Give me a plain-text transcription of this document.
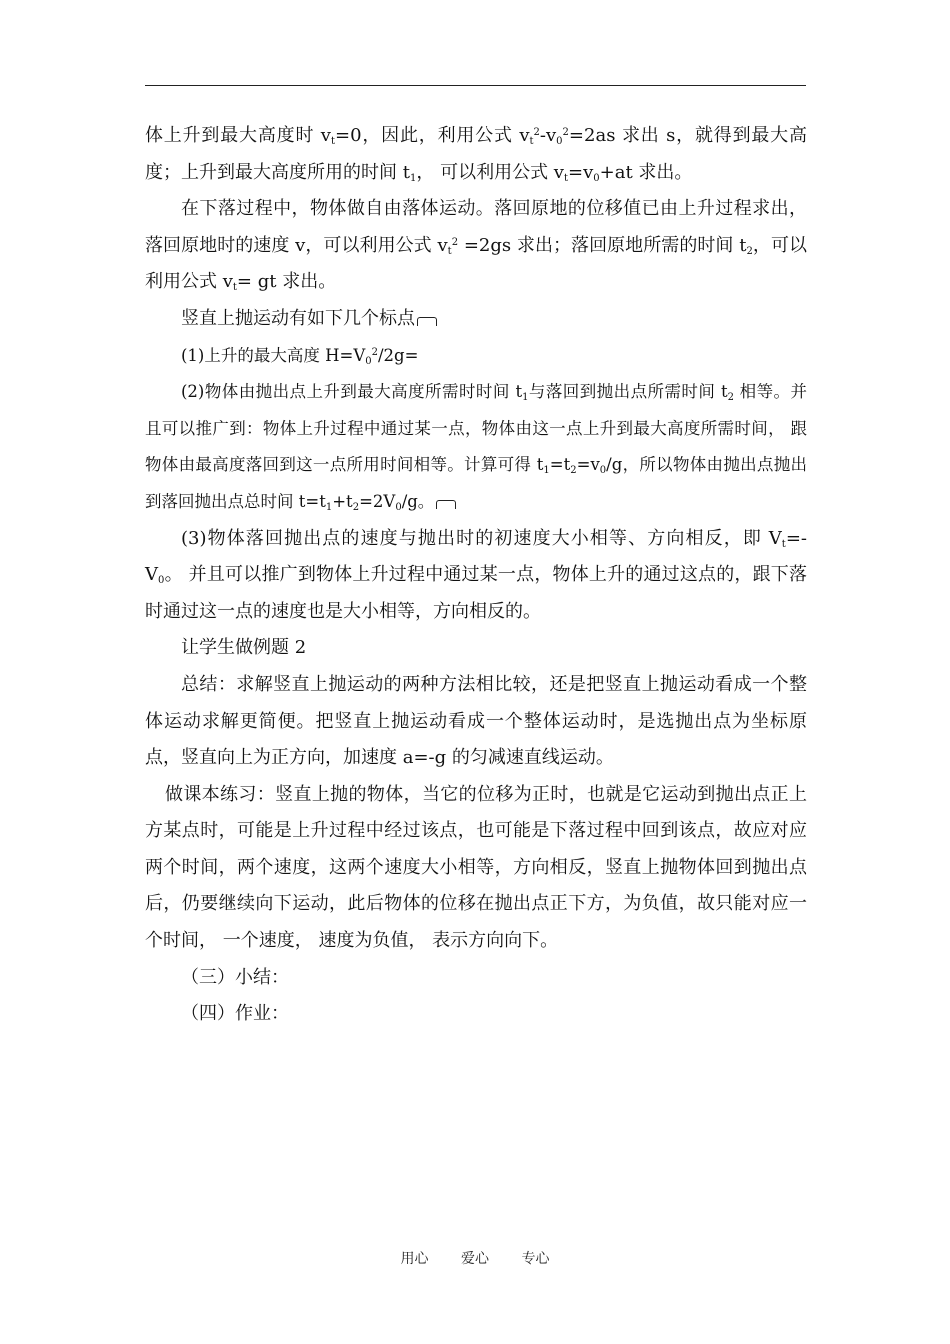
体上升到最大高度时 $v_t=0$，因此，利用公式 $v_t^2-v_0^2=2as$ 求出 s，就得到最大高度；上升到最大高度所用的时间 $t_1$， 可以利用公式 $v_t=v_0+at$ 求出。

在下落过程中，物体做自由落体运动。落回原地的位移值已由上升过程求出，落回原地时的速度 v，可以利用公式 $v_t^2 =2gs$ 求出；落回原地所需的时间 $t_2$，可以利用公式 $v_t=$ gt 求出。

竖直上抛运动有如下几个标点

(1)上升的最大高度 $H=V_0^2/2g=$

(2)物体由抛出点上升到最大高度所需时时间 $t_1$与落回到抛出点所需时间 $t_2$ 相等。并且可以推广到：物体上升过程中通过某一点，物体由这一点上升到最大高度所需时间， 跟物体由最高度落回到这一点所用时间相等。计算可得 $t_1=t_2=v_0/g$，所以物体由抛出点抛出到落回抛出点总时间 $t=t_1+t_2=2V_0/g$。

(3)物体落回抛出点的速度与抛出时的初速度大小相等、方向相反，即 $V_t=-V_0$。 并且可以推广到物体上升过程中通过某一点，物体上升的通过这点的，跟下落时通过这一点的速度也是大小相等，方向相反的。

让学生做例题 2

总结：求解竖直上抛运动的两种方法相比较，还是把竖直上抛运动看成一个整体运动求解更简便。把竖直上抛运动看成一个整体运动时，是选抛出点为坐标原点，竖直向上为正方向，加速度 a=-g 的匀减速直线运动。

做课本练习：竖直上抛的物体，当它的位移为正时，也就是它运动到抛出点正上方某点时，可能是上升过程中经过该点，也可能是下落过程中回到该点，故应对应两个时间，两个速度，这两个速度大小相等，方向相反，竖直上抛物体回到抛出点后，仍要继续向下运动，此后物体的位移在抛出点正下方，为负值，故只能对应一个时间， 一个速度， 速度为负值， 表示方向向下。

（三）小结：

（四）作业：

用心 爱心 专心
